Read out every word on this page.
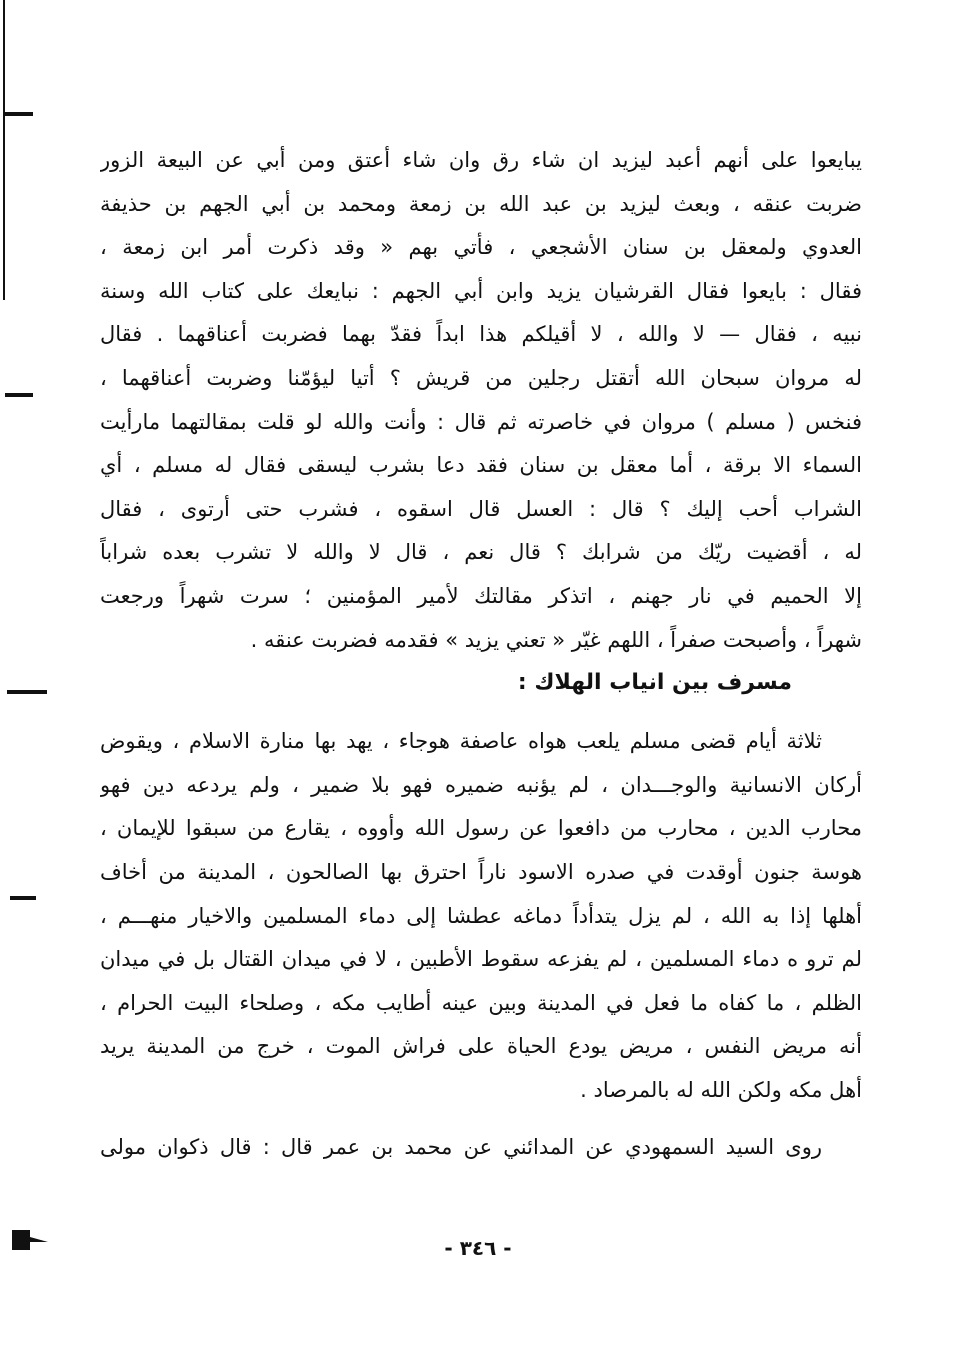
يبايعوا على أنهم أعبد ليزيد ان شاء رق وان شاء أعتق ومن أبي عن البيعة الزور
ضربت عنقه ، وبعث ليزيد بن عبد الله بن زمعة ومحمد بن أبي الجهم بن حذيفة
العدوي ولمعقل بن سنان الأشجعي ، فأتي بهم « وقد ذكرت أمر ابن زمعة ،
فقال : بايعوا فقال القرشيان يزيد وابن أبي الجهم : نبايعك على كتاب الله وسنة
نبيه ، فقال — لا والله ، لا أقيلكم هذا ابداً فقدّ بهما فضربت أعناقهما . فقال
له مروان سبحان الله أتقتل رجلين من قريش ؟ أتيا ليؤمّنا وضربت أعناقهما ،
فنخس ( مسلم ) مروان في خاصرته ثم قال : وأنت والله لو قلت بمقالتهما مارأيت
السماء الا برقة ، أما معقل بن سنان فقد دعا بشرب ليسقى فقال له مسلم ، أي
الشراب أحب إليك ؟ قال : العسل قال اسقوه ، فشرب حتى أرتوى ، فقال
له ، أقضيت ريّك من شرابك ؟ قال نعم ، قال لا والله لا تشرب بعده شراباً
إلا الحميم في نار جهنم ، اتذكر مقالتك لأمير المؤمنين ؛ سرت شهراً ورجعت
شهراً ، وأصبحت صفراً ، اللهم غيّر « تعني يزيد » فقدمه فضربت عنقه .
مسرف بين انياب الهلاك :
ثلاثة أيام قضى مسلم يلعب هواه عاصفة هوجاء ، يهد بها منارة الاسلام ، ويقوض
أركان الانسانية والوجـــدان ، لم يؤنبه ضميره فهو بلا ضمير ، ولم يردعه دين فهو
محارب الدين ، محارب من دافعوا عن رسول الله وأووه ، يقارع من سبقوا للإيمان ،
هوسة جنون أوقدت في صدره الاسود ناراً احترق بها الصالحون ، المدينة من أخاف
أهلها إذا به الله ، لم يزل يتدأداً دماغه عطشا إلى دماء المسلمين والاخيار منهـــم ،
لم ترو ه دماء المسلمين ، لم يفزعه سقوط الأطبين ، لا في ميدان القتال بل في ميدان
الظلم ، ما كفاه ما فعل في المدينة وبين عينه أطايب مكه ، وصلحاء البيت الحرام ،
أنه مريض النفس ، مريض يودع الحياة على فراش الموت ، خرج من المدينة يريد
أهل مكه ولكن الله له بالمرصاد .
روى السيد السمهودي عن المدائني عن محمد بن عمر قال : قال ذكوان مولى
- ٣٤٦ -
